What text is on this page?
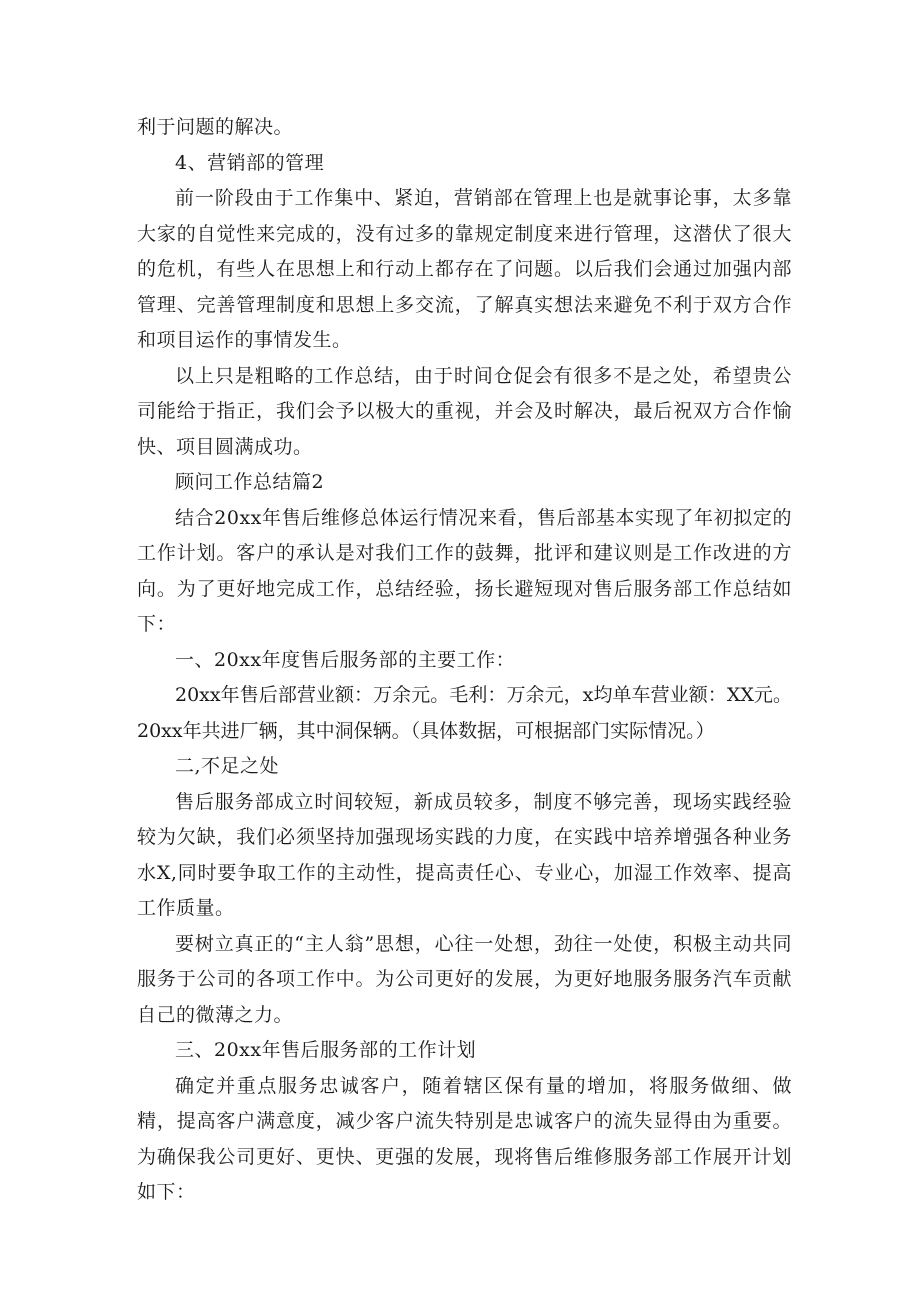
利于问题的解决。

4、营销部的管理

前一阶段由于工作集中、紧迫，营销部在管理上也是就事论事，太多靠大家的自觉性来完成的，没有过多的靠规定制度来进行管理，这潜伏了很大的危机，有些人在思想上和行动上都存在了问题。以后我们会通过加强内部管理、完善管理制度和思想上多交流，了解真实想法来避免不利于双方合作和项目运作的事情发生。

以上只是粗略的工作总结，由于时间仓促会有很多不是之处，希望贵公司能给于指正，我们会予以极大的重视，并会及时解决，最后祝双方合作愉快、项目圆满成功。

顾问工作总结篇2

结合20xx年售后维修总体运行情况来看，售后部基本实现了年初拟定的工作计划。客户的承认是对我们工作的鼓舞，批评和建议则是工作改进的方向。为了更好地完成工作，总结经验，扬长避短现对售后服务部工作总结如下：

一、20xx年度售后服务部的主要工作：

20xx年售后部营业额：万余元。毛利：万余元，x均单车营业额：XX元。20xx年共进厂辆，其中洞保辆。（具体数据，可根据部门实际情况。）

二,不足之处

售后服务部成立时间较短，新成员较多，制度不够完善，现场实践经验较为欠缺，我们必须坚持加强现场实践的力度，在实践中培养增强各种业务水X,同时要争取工作的主动性，提高责任心、专业心，加湿工作效率、提高工作质量。

要树立真正的“主人翁”思想，心往一处想，劲往一处使，积极主动共同服务于公司的各项工作中。为公司更好的发展，为更好地服务服务汽车贡献自己的微薄之力。

三、20xx年售后服务部的工作计划

确定并重点服务忠诚客户，随着辖区保有量的增加，将服务做细、做精，提高客户满意度，减少客户流失特别是忠诚客户的流失显得由为重要。为确保我公司更好、更快、更强的发展，现将售后维修服务部工作展开计划如下：
